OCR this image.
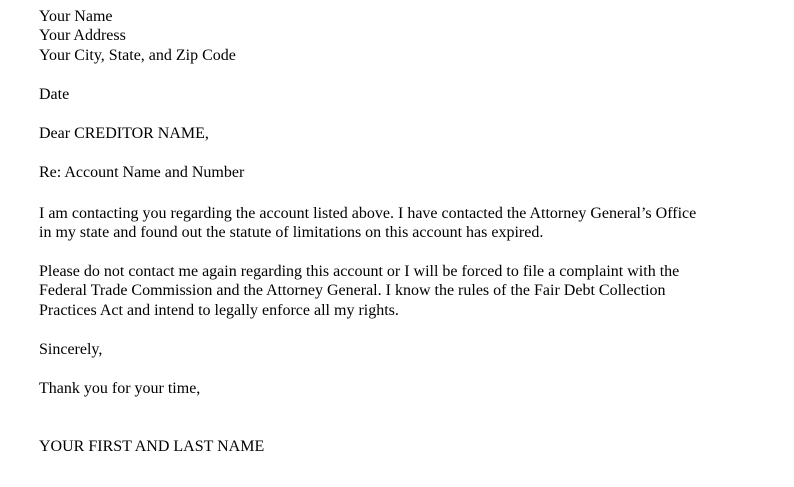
Your Name
Your Address
Your City, State, and Zip Code
Date
Dear CREDITOR NAME,
Re: Account Name and Number
I am contacting you regarding the account listed above. I have contacted the Attorney General’s Office
in my state and found out the statute of limitations on this account has expired.
Please do not contact me again regarding this account or I will be forced to file a complaint with the
Federal Trade Commission and the Attorney General. I know the rules of the Fair Debt Collection
Practices Act and intend to legally enforce all my rights.
Sincerely,
Thank you for your time,
YOUR FIRST AND LAST NAME
